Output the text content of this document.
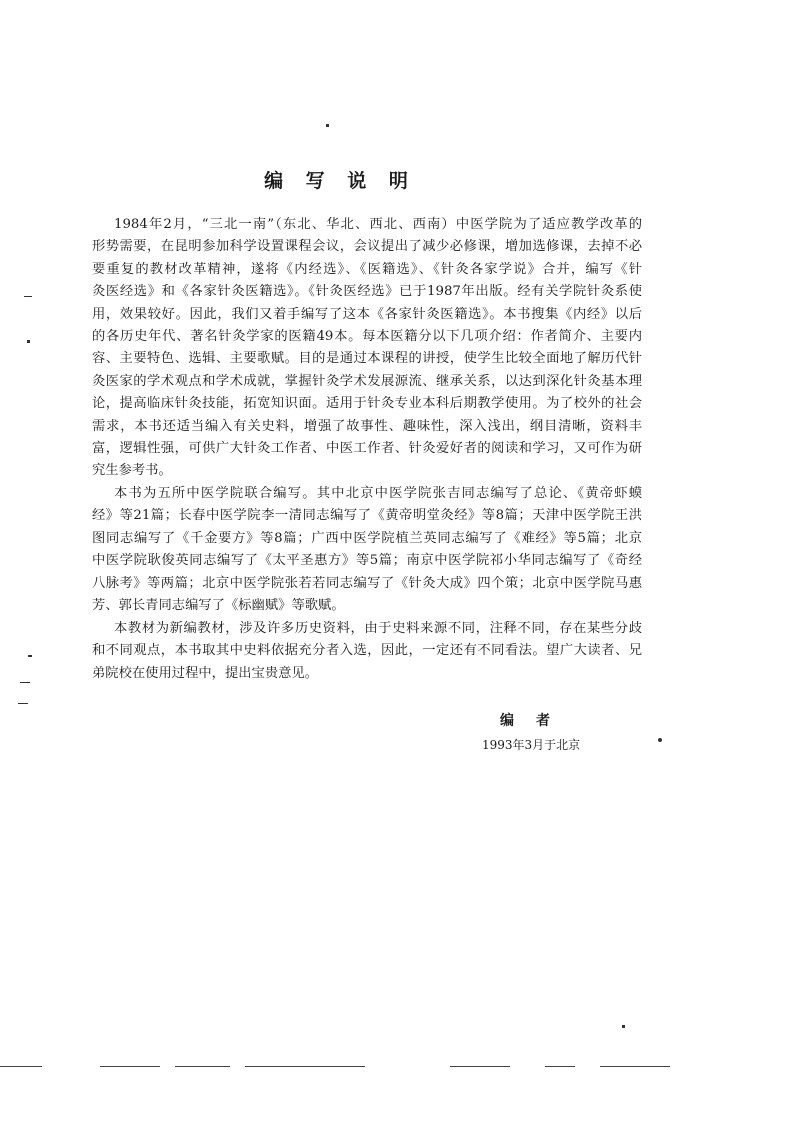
编 写 说 明
1984年2月，“三北一南”（东北、华北、西北、西南）中医学院为了适应教学改革的
形势需要，在昆明参加科学设置课程会议，会议提出了减少必修课，增加选修课，去掉不必
要重复的教材改革精神，遂将《内经选》、《医籍选》、《针灸各家学说》合并，编写《针
灸医经选》和《各家针灸医籍选》。《针灸医经选》已于1987年出版。经有关学院针灸系使
用，效果较好。因此，我们又着手编写了这本《各家针灸医籍选》。本书搜集《内经》以后
的各历史年代、著名针灸学家的医籍49本。每本医籍分以下几项介绍：作者简介、主要内
容、主要特色、选辑、主要歌赋。目的是通过本课程的讲授，使学生比较全面地了解历代针
灸医家的学术观点和学术成就，掌握针灸学术发展源流、继承关系，以达到深化针灸基本理
论，提高临床针灸技能，拓宽知识面。适用于针灸专业本科后期教学使用。为了校外的社会
需求，本书还适当编入有关史料，增强了故事性、趣味性，深入浅出，纲目清晰，资料丰
富，逻辑性强，可供广大针灸工作者、中医工作者、针灸爱好者的阅读和学习，又可作为研
究生参考书。
本书为五所中医学院联合编写。其中北京中医学院张吉同志编写了总论、《黄帝虾蟆
经》等21篇；长春中医学院李一清同志编写了《黄帝明堂灸经》等8篇；天津中医学院王洪
图同志编写了《千金要方》等8篇；广西中医学院植兰英同志编写了《难经》等5篇；北京
中医学院耿俊英同志编写了《太平圣惠方》等5篇；南京中医学院祁小华同志编写了《奇经
八脉考》等两篇；北京中医学院张若若同志编写了《针灸大成》四个策；北京中医学院马惠
芳、郭长青同志编写了《标幽赋》等歌赋。
本教材为新编教材，涉及许多历史资料，由于史料来源不同，注释不同，存在某些分歧
和不同观点，本书取其中史料依据充分者入选，因此，一定还有不同看法。望广大读者、兄
弟院校在使用过程中，提出宝贵意见。
编者
1993年3月于北京
